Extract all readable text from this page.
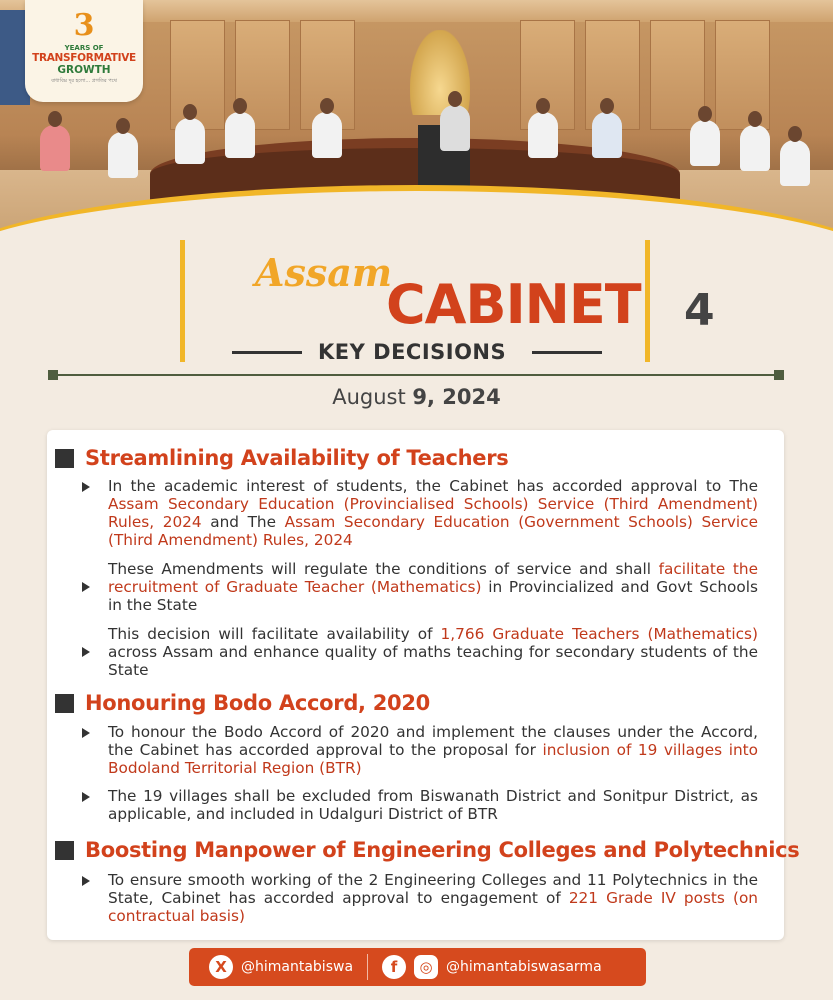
3
YEARS OF
TRANSFORMATIVE
GROWTH
বাধাবিঘ্ন দূর হলো... প্রগতির পথে
Assam
CABINET
KEY DECISIONS
4
August 9, 2024
Streamlining Availability of Teachers
In the academic interest of students, the Cabinet has accorded approval to The Assam Secondary Education (Provincialised Schools) Service (Third Amendment) Rules, 2024 and The Assam Secondary Education (Government Schools) Service (Third Amendment) Rules, 2024
These Amendments will regulate the conditions of service and shall facilitate the recruitment of Graduate Teacher (Mathematics) in Provincialized and Govt Schools in the State
This decision will facilitate availability of 1,766 Graduate Teachers (Mathematics) across Assam and enhance quality of maths teaching for secondary students of the State
Honouring Bodo Accord, 2020
To honour the Bodo Accord of 2020 and implement the clauses under the Accord, the Cabinet has accorded approval to the proposal for inclusion of 19 villages into Bodoland Territorial Region (BTR)
The 19 villages shall be excluded from Biswanath District and Sonitpur District, as applicable, and included in Udalguri District of BTR
Boosting Manpower of Engineering Colleges and Polytechnics
To ensure smooth working of the 2 Engineering Colleges and 11 Polytechnics in the State, Cabinet has accorded approval to engagement of 221 Grade IV posts (on contractual basis)
X	@himantabiswa	f	◎ @himantabiswasarma
